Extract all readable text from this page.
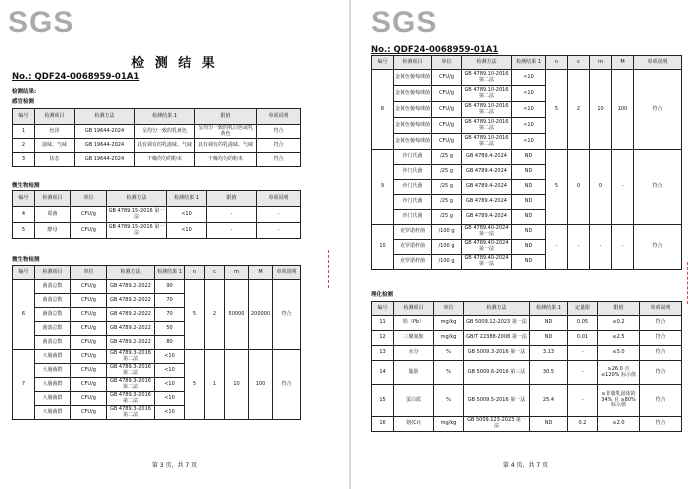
SGS
检 测 结 果
No.: QDF24-0068959-01A1
检测结果:
感官检测
编号	检测项目	检测方法	检测结果 1	限值	单项说明
1	色泽	GB 19644-2024	呈均匀一致的乳黄色	呈均匀一致的乳白色或乳黄色	符合
2	滋味、气味	GB 19644-2024	具有调有的乳滋味、气味	具有调有的乳滋味、气味	符合
3	状态	GB 19644-2024	干燥均匀的粉末	干燥均匀的粉末	符合
微生物检测
编号	检测项目	单位	检测方法	检测结果 1	限值	单项说明
4	霉菌	CFU/g	GB 4789.15-2016 第一法	<10	-	-
5	酵母	CFU/g	GB 4789.15-2016 第一法	<10	-	-
微生物检测
编号	检测项目	单位	检测方法	检测结果 1	n	c	m	M	单项说明
6	菌落总数	CFU/g	GB 4789.2-2022	90	5	2	50000	200000	符合
	菌落总数	CFU/g	GB 4789.2-2022	70					
	菌落总数	CFU/g	GB 4789.2-2022	70					
	菌落总数	CFU/g	GB 4789.2-2022	50					
	菌落总数	CFU/g	GB 4789.2-2022	80					
7	大肠菌群	CFU/g	GB 4789.3-2016 第二法	<10	5	1	10	100	符合
	大肠菌群	CFU/g	GB 4789.3-2016 第二法	<10					
	大肠菌群	CFU/g	GB 4789.3-2016 第二法	<10					
	大肠菌群	CFU/g	GB 4789.3-2016 第二法	<10					
	大肠菌群	CFU/g	GB 4789.3-2016 第二法	<10					
第 3 页，共 7 页
SGS
No.: QDF24-0068959-01A1
编号	检测项目	单位	检测方法	检测结果 1	n	c	m	M	单项说明
8	金黄色葡萄球菌	CFU/g	GB 4789.10-2016 第二法	<10	5	2	10	100	符合
	金黄色葡萄球菌	CFU/g	GB 4789.10-2016 第二法	<10					
	金黄色葡萄球菌	CFU/g	GB 4789.10-2016 第二法	<10					
	金黄色葡萄球菌	CFU/g	GB 4789.10-2016 第二法	<10					
	金黄色葡萄球菌	CFU/g	GB 4789.10-2016 第二法	<10					
9	沙门氏菌	/25 g	GB 4789.4-2024	ND	5	0	0	-	符合
	沙门氏菌	/25 g	GB 4789.4-2024	ND					
	沙门氏菌	/25 g	GB 4789.4-2024	ND					
	沙门氏菌	/25 g	GB 4789.4-2024	ND					
	沙门氏菌	/25 g	GB 4789.4-2024	ND					
10	克罗诺杆菌	/100 g	GB 4789.40-2024 第一法	ND	-	-	-	-	符合
	克罗诺杆菌	/100 g	GB 4789.40-2024 第一法	ND					
	克罗诺杆菌	/100 g	GB 4789.40-2024 第一法	ND					
理化检测
编号	检测项目	单位	检测方法	检测结果 1	定量限	限值	单项说明
11	铅（Pb）	mg/kg	GB 5009.12-2023 第一法	ND	0.05	≤0.2	符合
12	三聚氰胺	mg/kg	GB/T 22388-2008 第一法	ND	0.01	≤2.5	符合
13	水分	%	GB 5009.3-2016 第一法	3.13	-	≤5.0	符合
14	脂肪	%	GB 5009.6-2016 第三法	30.5	-	≥26.0 且 ≤120% 标示值	符合
15	蛋白质	%	GB 5009.5-2016 第一法	25.4	-	≥非脂乳固体的 34% 且 ≥80% 标示值	符合
16	铬(Cr)	mg/kg	GB 5009.123-2023 第一法	ND	0.2	≤2.0	符合
第 4 页，共 7 页
